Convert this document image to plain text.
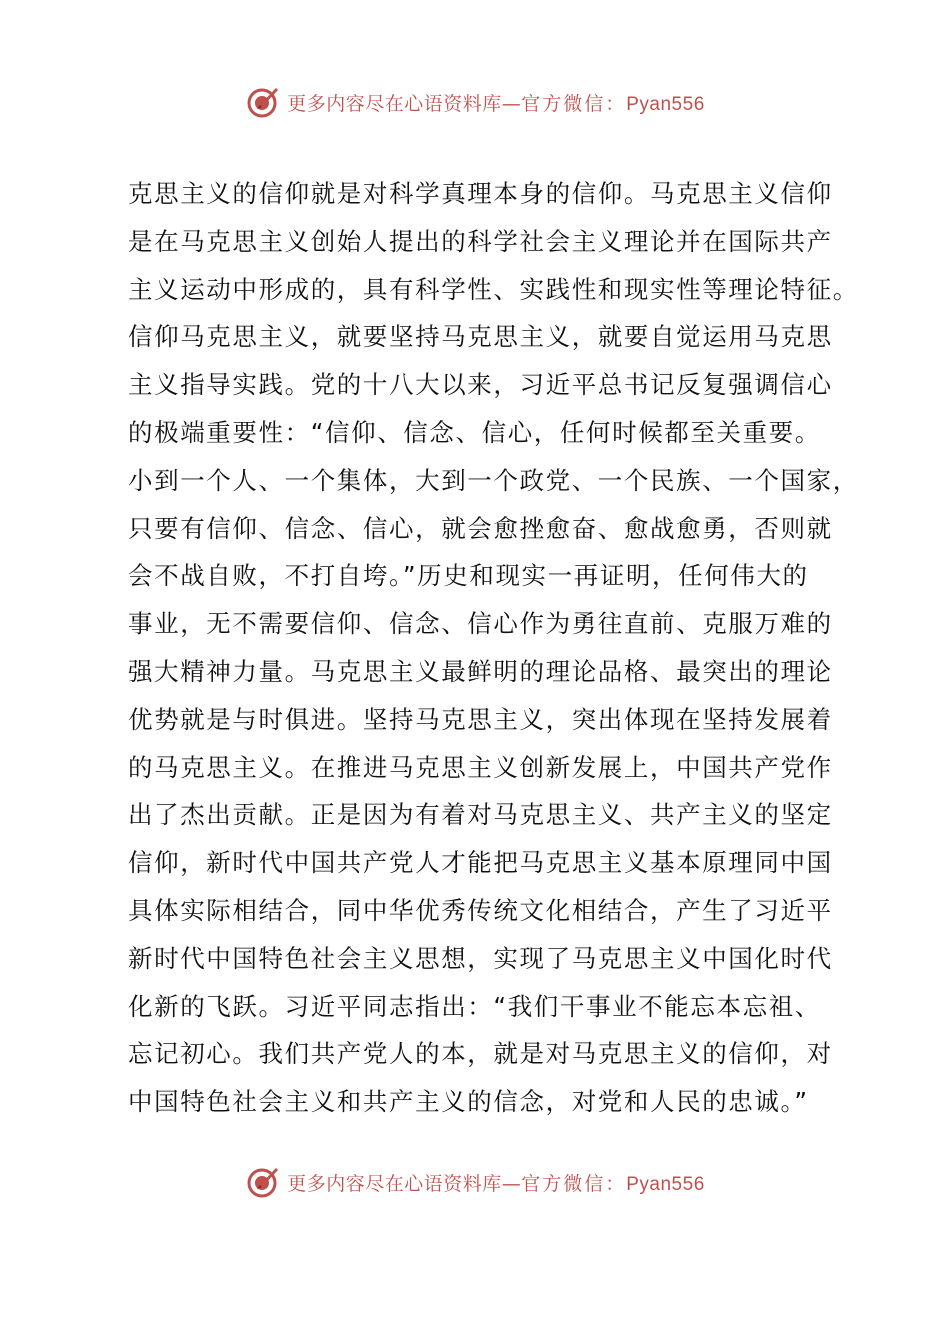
更多内容尽在心语资料库—官方微信：Pyan556
克思主义的信仰就是对科学真理本身的信仰。马克思主义信仰
是在马克思主义创始人提出的科学社会主义理论并在国际共产
主义运动中形成的，具有科学性、实践性和现实性等理论特征。
信仰马克思主义，就要坚持马克思主义，就要自觉运用马克思
主义指导实践。党的十八大以来，习近平总书记反复强调信心
的极端重要性：“信仰、信念、信心，任何时候都至关重要。
小到一个人、一个集体，大到一个政党、一个民族、一个国家，
只要有信仰、信念、信心，就会愈挫愈奋、愈战愈勇，否则就
会不战自败，不打自垮。”历史和现实一再证明，任何伟大的
事业，无不需要信仰、信念、信心作为勇往直前、克服万难的
强大精神力量。马克思主义最鲜明的理论品格、最突出的理论
优势就是与时俱进。坚持马克思主义，突出体现在坚持发展着
的马克思主义。在推进马克思主义创新发展上，中国共产党作
出了杰出贡献。正是因为有着对马克思主义、共产主义的坚定
信仰，新时代中国共产党人才能把马克思主义基本原理同中国
具体实际相结合，同中华优秀传统文化相结合，产生了习近平
新时代中国特色社会主义思想，实现了马克思主义中国化时代
化新的飞跃。习近平同志指出：“我们干事业不能忘本忘祖、
忘记初心。我们共产党人的本，就是对马克思主义的信仰，对
中国特色社会主义和共产主义的信念，对党和人民的忠诚。”
更多内容尽在心语资料库—官方微信：Pyan556
